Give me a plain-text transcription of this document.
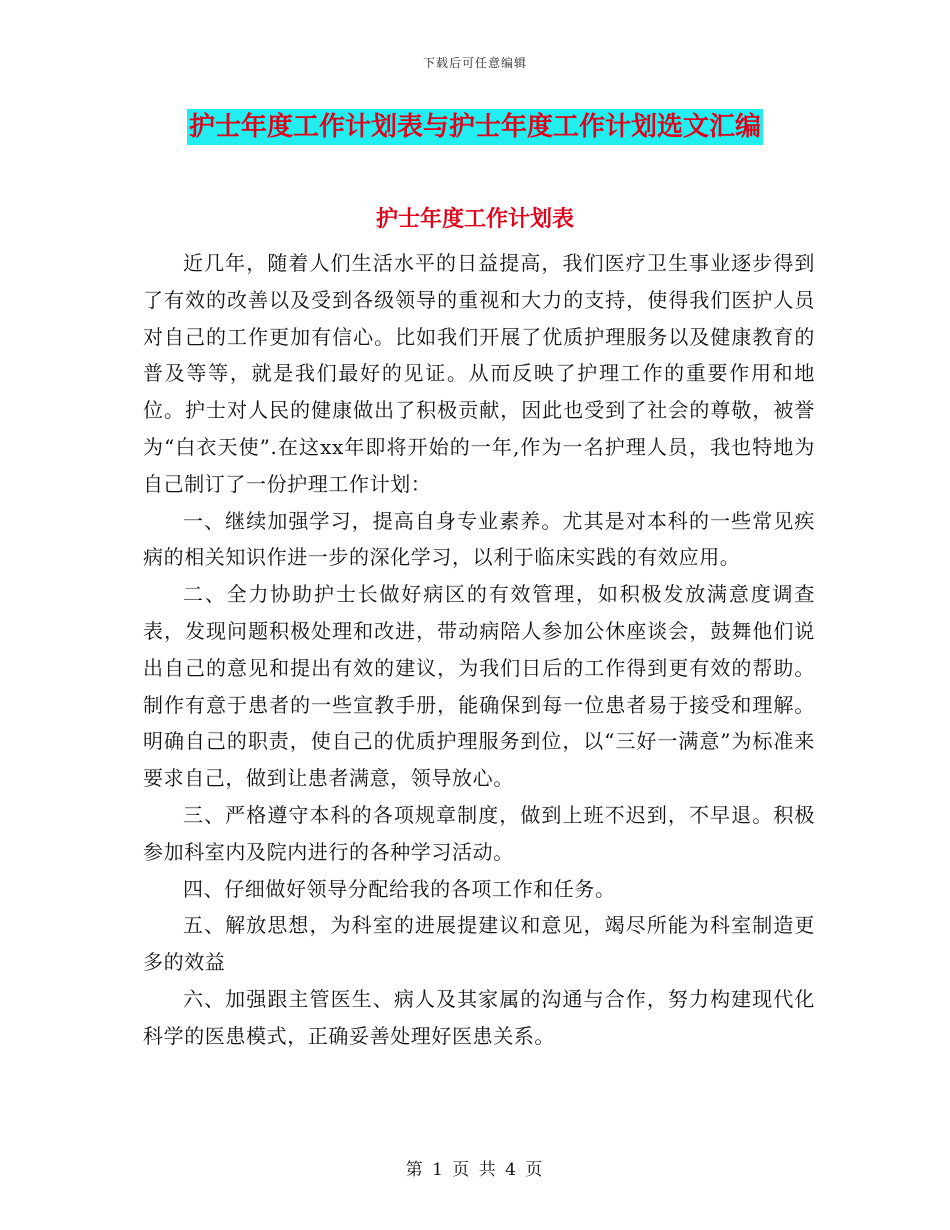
下载后可任意编辑
护士年度工作计划表与护士年度工作计划选文汇编
护士年度工作计划表

近几年，随着人们生活水平的日益提高，我们医疗卫生事业逐步得到了有效的改善以及受到各级领导的重视和大力的支持，使得我们医护人员对自己的工作更加有信心。比如我们开展了优质护理服务以及健康教育的普及等等，就是我们最好的见证。从而反映了护理工作的重要作用和地位。护士对人民的健康做出了积极贡献，因此也受到了社会的尊敬，被誉为“白衣天使”.在这xx年即将开始的一年,作为一名护理人员，我也特地为自己制订了一份护理工作计划：

一、继续加强学习，提高自身专业素养。尤其是对本科的一些常见疾病的相关知识作进一步的深化学习，以利于临床实践的有效应用。

二、全力协助护士长做好病区的有效管理，如积极发放满意度调查表，发现问题积极处理和改进，带动病陪人参加公休座谈会，鼓舞他们说出自己的意见和提出有效的建议，为我们日后的工作得到更有效的帮助。制作有意于患者的一些宣教手册，能确保到每一位患者易于接受和理解。明确自己的职责，使自己的优质护理服务到位，以“三好一满意”为标准来要求自己，做到让患者满意，领导放心。

三、严格遵守本科的各项规章制度，做到上班不迟到，不早退。积极参加科室内及院内进行的各种学习活动。

四、仔细做好领导分配给我的各项工作和任务。

五、解放思想，为科室的进展提建议和意见，竭尽所能为科室制造更多的效益

六、加强跟主管医生、病人及其家属的沟通与合作，努力构建现代化科学的医患模式，正确妥善处理好医患关系。

第 1 页 共 4 页
